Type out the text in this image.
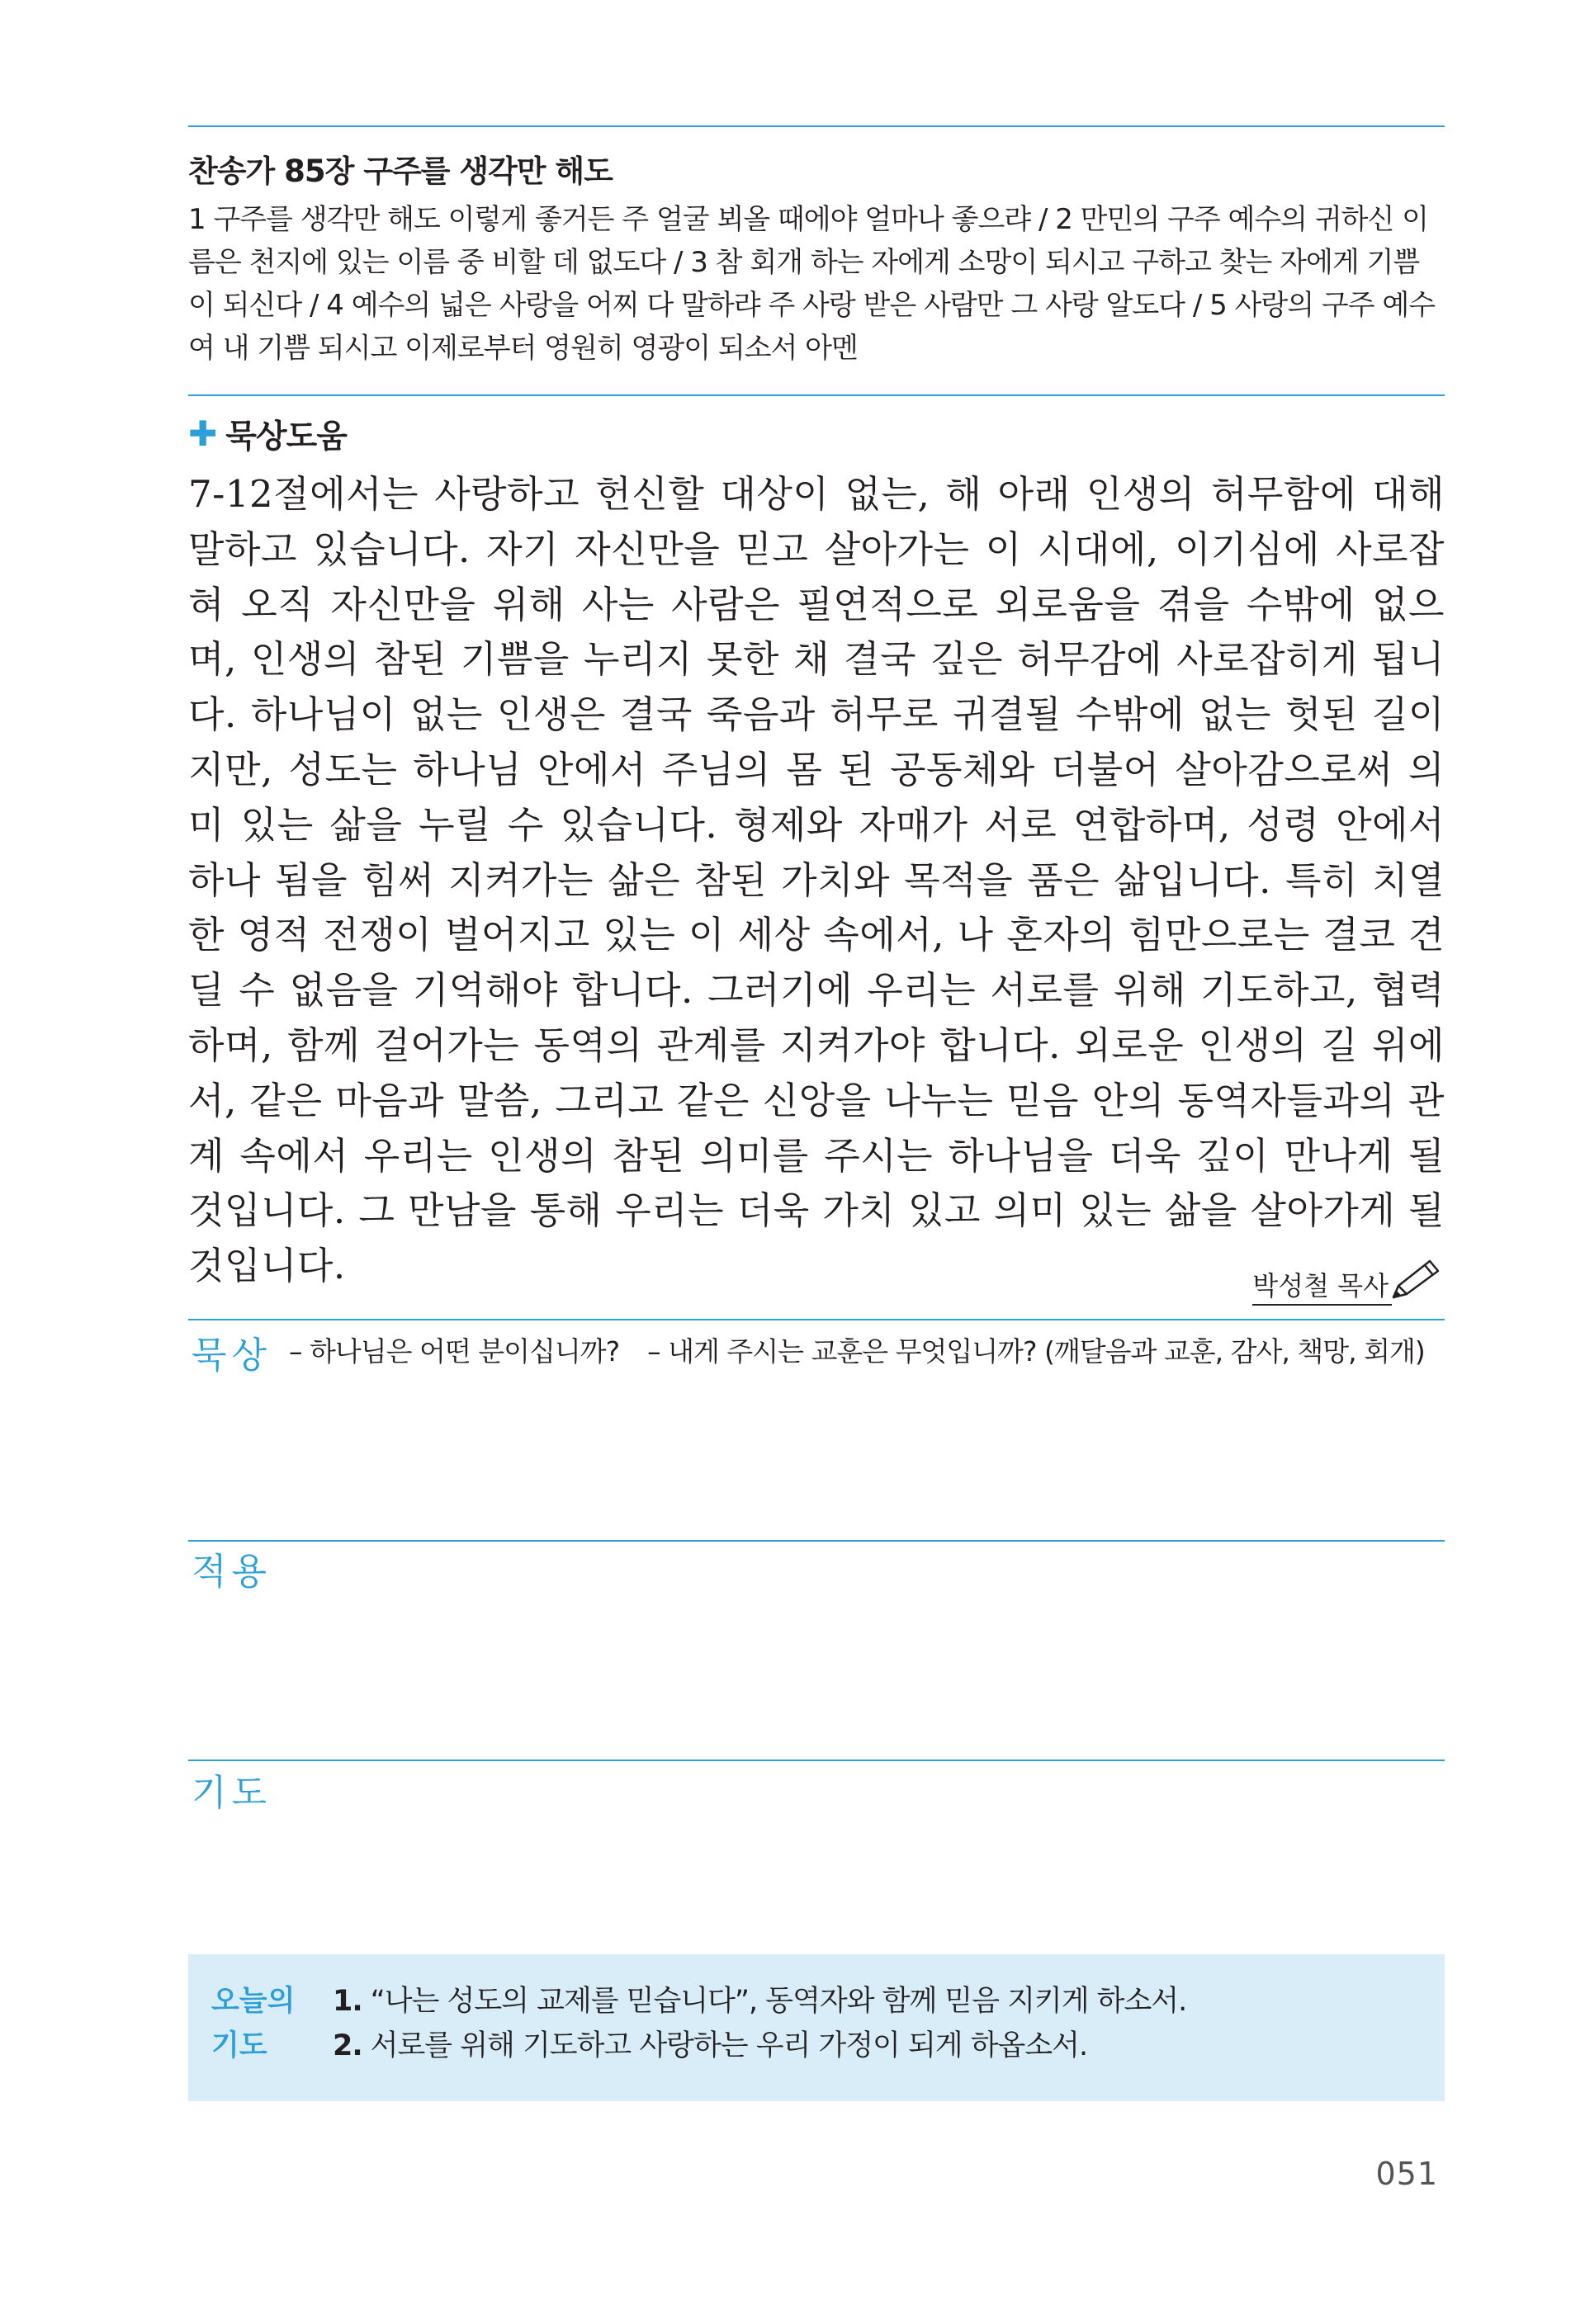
찬송가 85장 구주를 생각만 해도
1 구주를 생각만 해도 이렇게 좋거든 주 얼굴 뵈올 때에야 얼마나 좋으랴 / 2 만민의 구주 예수의 귀하신 이름은 천지에 있는 이름 중 비할 데 없도다 / 3 참 회개 하는 자에게 소망이 되시고 구하고 찾는 자에게 기쁨이 되신다 / 4 예수의 넓은 사랑을 어찌 다 말하랴 주 사랑 받은 사람만 그 사랑 알도다 / 5 사랑의 구주 예수여 내 기쁨 되시고 이제로부터 영원히 영광이 되소서 아멘
✚ 묵상도움
7-12절에서는 사랑하고 헌신할 대상이 없는, 해 아래 인생의 허무함에 대해 말하고 있습니다. 자기 자신만을 믿고 살아가는 이 시대에, 이기심에 사로잡혀 오직 자신만을 위해 사는 사람은 필연적으로 외로움을 겪을 수밖에 없으며, 인생의 참된 기쁨을 누리지 못한 채 결국 깊은 허무감에 사로잡히게 됩니다. 하나님이 없는 인생은 결국 죽음과 허무로 귀결될 수밖에 없는 헛된 길이지만, 성도는 하나님 안에서 주님의 몸 된 공동체와 더불어 살아감으로써 의미 있는 삶을 누릴 수 있습니다. 형제와 자매가 서로 연합하며, 성령 안에서 하나 됨을 힘써 지켜가는 삶은 참된 가치와 목적을 품은 삶입니다. 특히 치열한 영적 전쟁이 벌어지고 있는 이 세상 속에서, 나 혼자의 힘만으로는 결코 견딜 수 없음을 기억해야 합니다. 그러기에 우리는 서로를 위해 기도하고, 협력하며, 함께 걸어가는 동역의 관계를 지켜가야 합니다. 외로운 인생의 길 위에서, 같은 마음과 말씀, 그리고 같은 신앙을 나누는 믿음 안의 동역자들과의 관계 속에서 우리는 인생의 참된 의미를 주시는 하나님을 더욱 깊이 만나게 될 것입니다. 그 만남을 통해 우리는 더욱 가치 있고 의미 있는 삶을 살아가게 될 것입니다.	박성철 목사
묵상 – 하나님은 어떤 분이십니까? – 내게 주시는 교훈은 무엇입니까? (깨달음과 교훈, 감사, 책망, 회개)
적용
기도
오늘의 기도
1. “나는 성도의 교제를 믿습니다”, 동역자와 함께 믿음 지키게 하소서.
2. 서로를 위해 기도하고 사랑하는 우리 가정이 되게 하옵소서.
051
